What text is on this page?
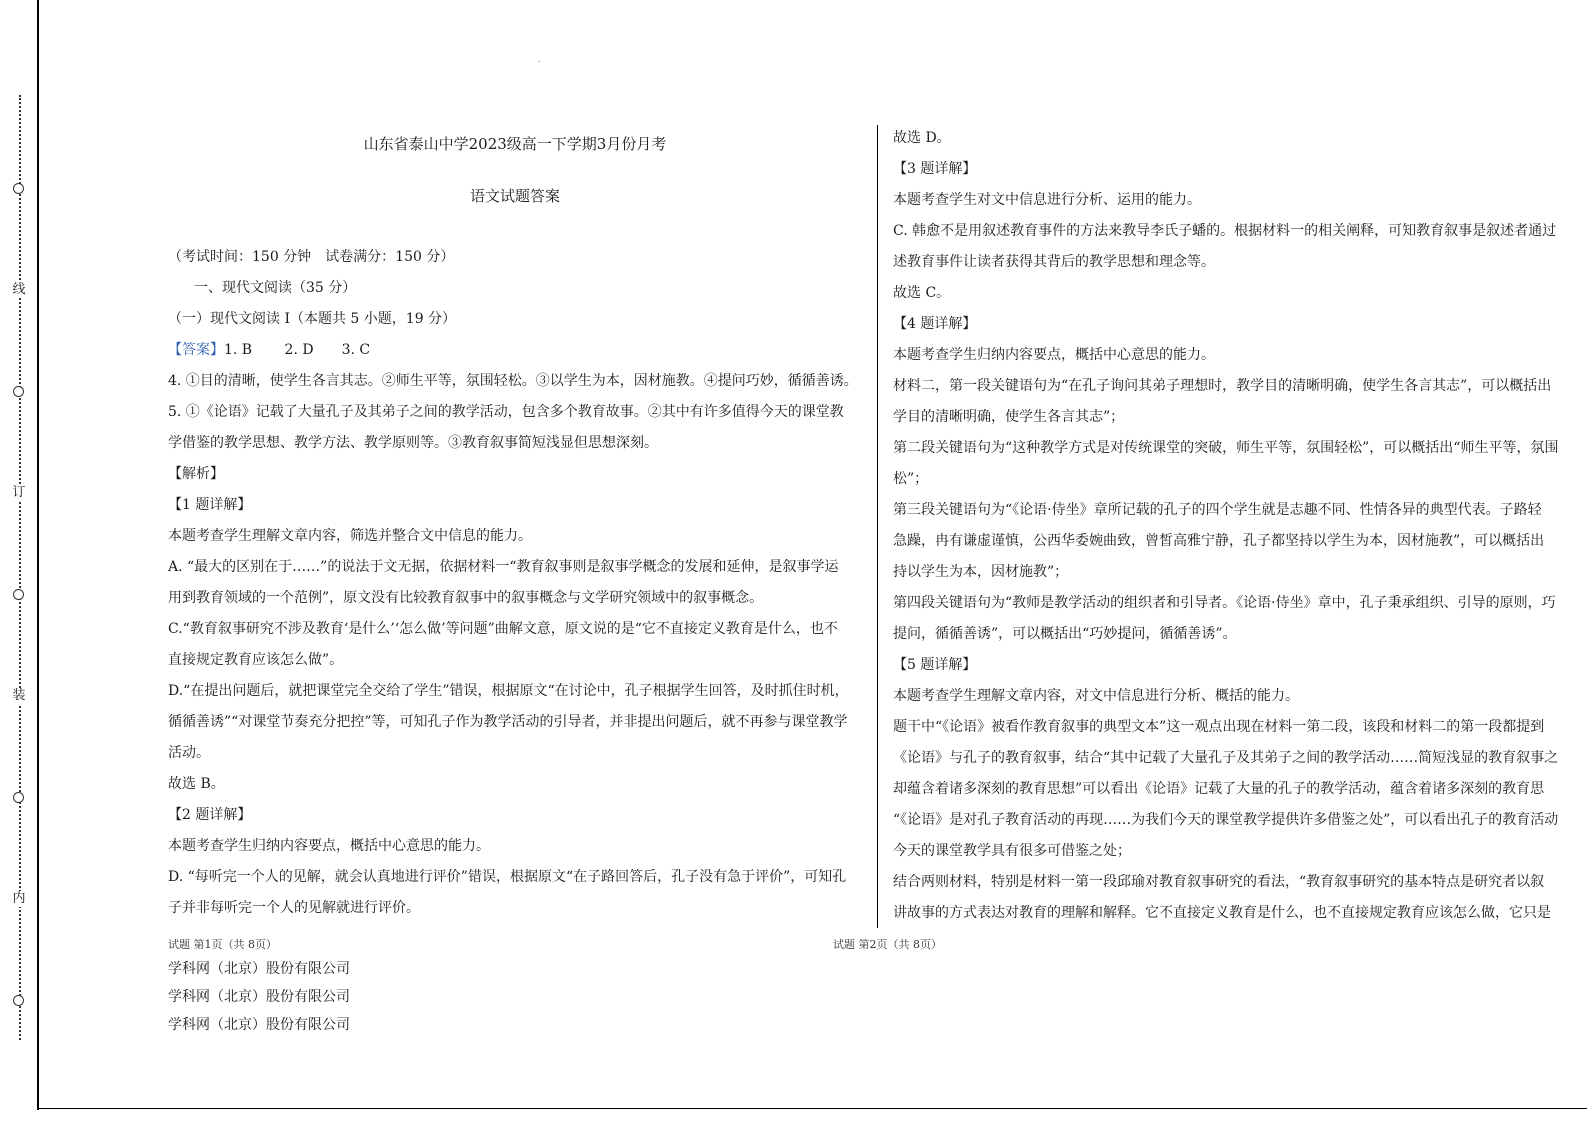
线
订
装
内
.
山东省泰山中学2023级高一下学期3月份月考
语文试题答案
（考试时间：150 分钟　试卷满分：150 分）
一、现代文阅读（35 分）
（一）现代文阅读 Ⅰ（本题共 5 小题，19 分）
【答案】1. B　　 2. D　　3. C
4. ①目的清晰，使学生各言其志。②师生平等，氛围轻松。③以学生为本，因材施教。④提问巧妙，循循善诱。
5. ①《论语》记载了大量孔子及其弟子之间的教学活动，包含多个教育故事。②其中有许多值得今天的课堂教
学借鉴的教学思想、教学方法、教学原则等。③教育叙事简短浅显但思想深刻。
【解析】
【1 题详解】
本题考查学生理解文章内容，筛选并整合文中信息的能力。
A. “最大的区别在于……”的说法于文无据，依据材料一“教育叙事则是叙事学概念的发展和延伸，是叙事学运
用到教育领域的一个范例”，原文没有比较教育叙事中的叙事概念与文学研究领域中的叙事概念。
C.“教育叙事研究不涉及教育‘是什么’‘怎么做’等问题”曲解文意，原文说的是“它不直接定义教育是什么，也不
直接规定教育应该怎么做”。
D.“在提出问题后，就把课堂完全交给了学生”错误，根据原文“在讨论中，孔子根据学生回答，及时抓住时机，
循循善诱”“对课堂节奏充分把控”等，可知孔子作为教学活动的引导者，并非提出问题后，就不再参与课堂教学
活动。
故选 B。
【2 题详解】
本题考查学生归纳内容要点，概括中心意思的能力。
D. “每听完一个人的见解，就会认真地进行评价”错误，根据原文“在子路回答后，孔子没有急于评价”，可知孔
子并非每听完一个人的见解就进行评价。
故选 D。
【3 题详解】
本题考查学生对文中信息进行分析、运用的能力。
C. 韩愈不是用叙述教育事件的方法来教导李氏子蟠的。根据材料一的相关阐释，可知教育叙事是叙述者通过
述教育事件让读者获得其背后的教学思想和理念等。
故选 C。
【4 题详解】
本题考查学生归纳内容要点，概括中心意思的能力。
材料二，第一段关键语句为“在孔子询问其弟子理想时，教学目的清晰明确，使学生各言其志”，可以概括出
学目的清晰明确，使学生各言其志”；
第二段关键语句为“这种教学方式是对传统课堂的突破，师生平等，氛围轻松”，可以概括出“师生平等，氛围
松”；
第三段关键语句为“《论语·侍坐》章所记载的孔子的四个学生就是志趣不同、性情各异的典型代表。子路轻
急躁，冉有谦虚谨慎，公西华委婉曲致，曾皙高雅宁静，孔子都坚持以学生为本，因材施教”，可以概括出
持以学生为本，因材施教”；
第四段关键语句为“教师是教学活动的组织者和引导者。《论语·侍坐》章中，孔子秉承组织、引导的原则，巧
提问，循循善诱”，可以概括出“巧妙提问，循循善诱”。
【5 题详解】
本题考查学生理解文章内容，对文中信息进行分析、概括的能力。
题干中“《论语》被看作教育叙事的典型文本”这一观点出现在材料一第二段，该段和材料二的第一段都提到
《论语》与孔子的教育叙事，结合“其中记载了大量孔子及其弟子之间的教学活动……简短浅显的教育叙事之
却蕴含着诸多深刻的教育思想”可以看出《论语》记载了大量的孔子的教学活动，蕴含着诸多深刻的教育思
“《论语》是对孔子教育活动的再现……为我们今天的课堂教学提供许多借鉴之处”，可以看出孔子的教育活动
今天的课堂教学具有很多可借鉴之处；
结合两则材料，特别是材料一第一段邱瑜对教育叙事研究的看法，“教育叙事研究的基本特点是研究者以叙
讲故事的方式表达对教育的理解和解释。它不直接定义教育是什么，也不直接规定教育应该怎么做，它只是
试题 第1页（共 8页）	试题 第2页（共 8页）
学科网（北京）股份有限公司
学科网（北京）股份有限公司
学科网（北京）股份有限公司
